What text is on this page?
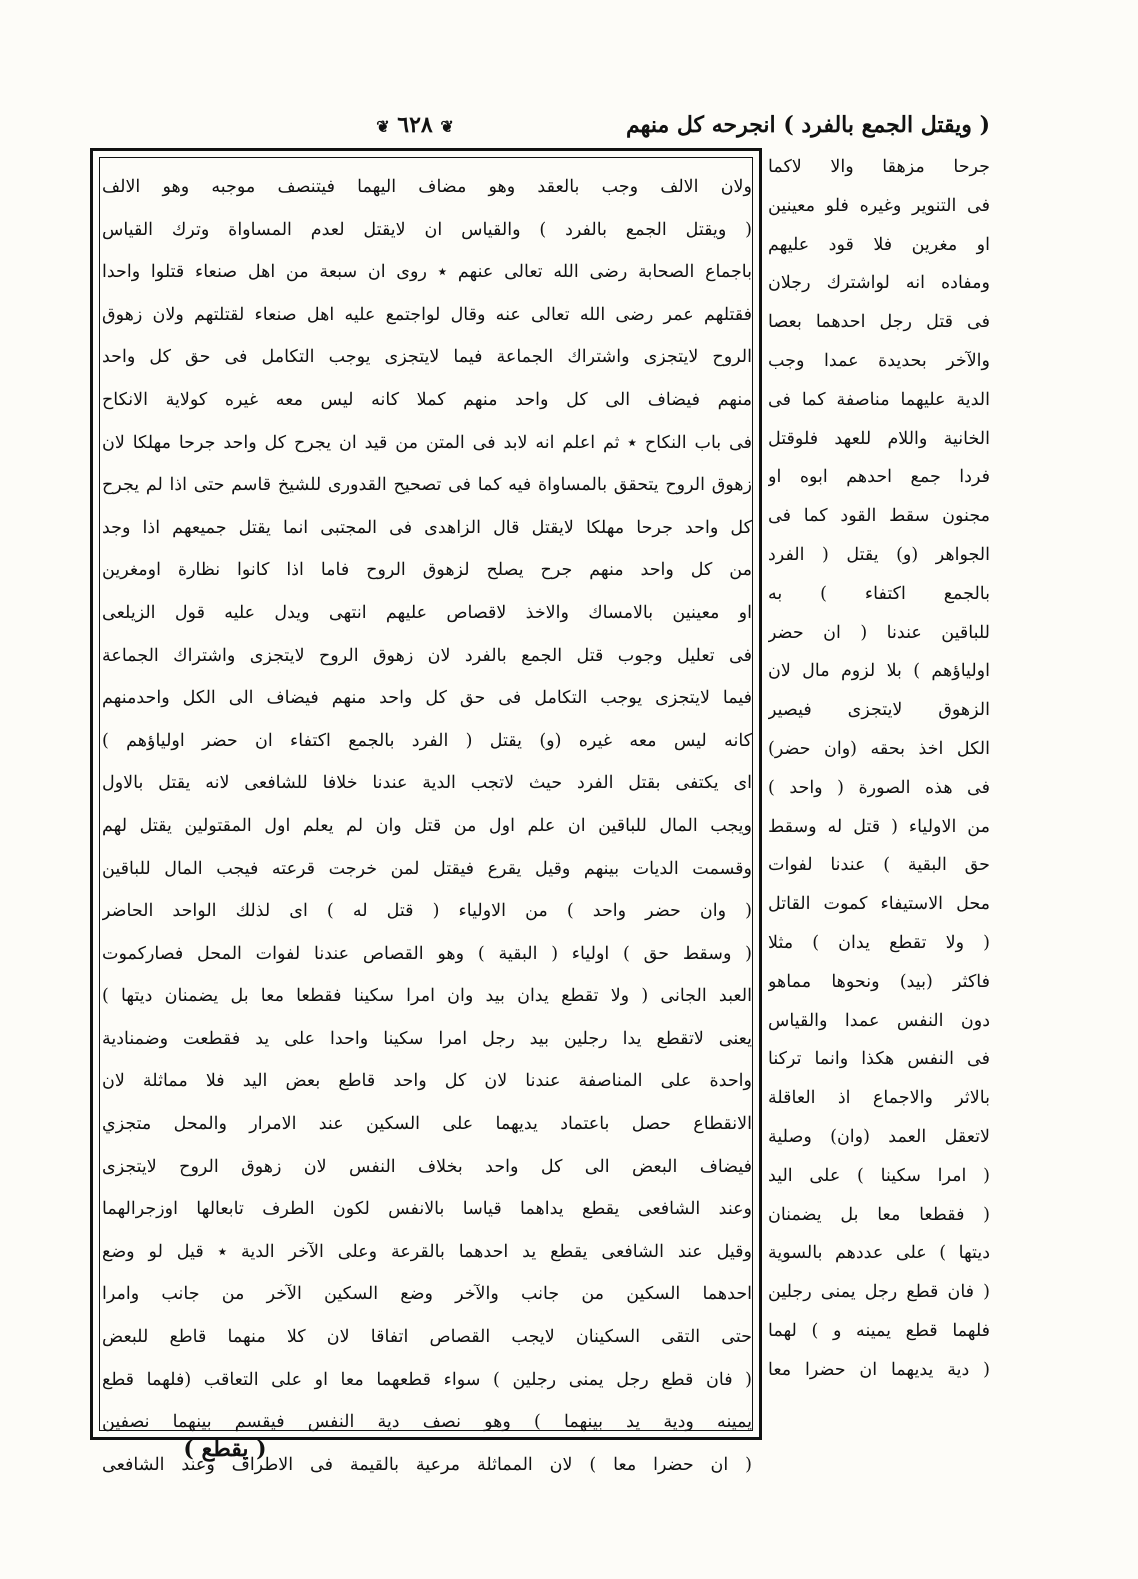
( ويقتل الجمع بالفرد ) انجرحه كل منهم
❦ ٦٢٨ ❦
ولان الالف وجب بالعقد وهو مضاف اليهما فيتنصف موجبه وهو الالف
( ويقتل الجمع بالفرد ) والقياس ان لايقتل لعدم المساواة وترك القياس
باجماع الصحابة رضى الله تعالى عنهم ٭ روى ان سبعة من اهل صنعاء قتلوا واحدا
فقتلهم عمر رضى الله تعالى عنه وقال لواجتمع عليه اهل صنعاء لقتلتهم ولان زهوق
الروح لايتجزى واشتراك الجماعة فيما لايتجزى يوجب التكامل فى حق كل واحد
منهم فيضاف الى كل واحد منهم كملا كانه ليس معه غيره كولاية الانكاح
فى باب النكاح ٭ ثم اعلم انه لابد فى المتن من قيد ان يجرح كل واحد جرحا مهلكا لان
زهوق الروح يتحقق بالمساواة فيه كما فى تصحيح القدورى للشيخ قاسم حتى اذا لم يجرح
كل واحد جرحا مهلكا لايقتل قال الزاهدى فى المجتبى انما يقتل جميعهم اذا وجد
من كل واحد منهم جرح يصلح لزهوق الروح فاما اذا كانوا نظارة اومغرين
او معينين بالامساك والاخذ لاقصاص عليهم انتهى ويدل عليه قول الزيلعى
فى تعليل وجوب قتل الجمع بالفرد لان زهوق الروح لايتجزى واشتراك الجماعة
فيما لايتجزى يوجب التكامل فى حق كل واحد منهم فيضاف الى الكل واحدمنهم
كانه ليس معه غيره (و) يقتل ( الفرد بالجمع اكتفاء ان حضر اولياؤهم )
اى يكتفى بقتل الفرد حيث لاتجب الدية عندنا خلافا للشافعى لانه يقتل بالاول
ويجب المال للباقين ان علم اول من قتل وان لم يعلم اول المقتولين يقتل لهم
وقسمت الديات بينهم وقيل يقرع فيقتل لمن خرجت قرعته فيجب المال للباقين
( وان حضر واحد ) من الاولياء ( قتل له ) اى لذلك الواحد الحاضر
( وسقط حق ) اولياء ( البقية ) وهو القصاص عندنا لفوات المحل فصاركموت
العبد الجانى ( ولا تقطع يدان بيد وان امرا سكينا فقطعا معا بل يضمنان ديتها )
يعنى لاتقطع يدا رجلين بيد رجل امرا سكينا واحدا على يد فقطعت وضمنادية
واحدة على المناصفة عندنا لان كل واحد قاطع بعض اليد فلا مماثلة لان
الانقطاع حصل باعتماد يديهما على السكين عند الامرار والمحل متجزي
فيضاف البعض الى كل واحد بخلاف النفس لان زهوق الروح لايتجزى
وعند الشافعى يقطع يداهما قياسا بالانفس لكون الطرف تابعالها اوزجرالهما
وقيل عند الشافعى يقطع يد احدهما بالقرعة وعلى الآخر الدية ٭ قيل لو وضع
احدهما السكين من جانب والآخر وضع السكين الآخر من جانب وامرا
حتى التقى السكينان لايجب القصاص اتفاقا لان كلا منهما قاطع للبعض
( فان قطع رجل يمنى رجلين ) سواء قطعهما معا او على التعاقب (فلهما قطع
يمينه ودية يد بينهما ) وهو نصف دية النفس فيقسم بينهما نصفين
( ان حضرا معا ) لان المماثلة مرعية بالقيمة فى الاطراف وعند الشافعى
جرحا مزهقا والا لاكما
فى التنوير وغيره فلو معينين
او مغرين فلا قود عليهم
ومفاده انه لواشترك رجلان
فى قتل رجل احدهما بعصا
والآخر بحديدة عمدا وجب
الدية عليهما مناصفة كما فى
الخانية واللام للعهد فلوقتل
فردا جمع احدهم ابوه او
مجنون سقط القود كما فى
الجواهر (و) يقتل ( الفرد
بالجمع اكتفاء ) به
للباقين عندنا ( ان حضر
اولياؤهم ) بلا لزوم مال لان
الزهوق لايتجزى فيصير
الكل اخذ بحقه (وان حضر)
فى هذه الصورة ( واحد )
من الاولياء ( قتل له وسقط
حق البقية ) عندنا لفوات
محل الاستيفاء كموت القاتل
( ولا تقطع يدان ) مثلا
فاكثر (بيد) ونحوها مماهو
دون النفس عمدا والقياس
فى النفس هكذا وانما تركنا
بالاثر والاجماع اذ العاقلة
لاتعقل العمد (وان) وصلية
( امرا سكينا ) على اليد
( فقطعا معا بل يضمنان
ديتها ) على عددهم بالسوية
( فان قطع رجل يمنى رجلين
فلهما قطع يمينه و ) لهما
( دية يديهما ان حضرا معا
( يقطع )
